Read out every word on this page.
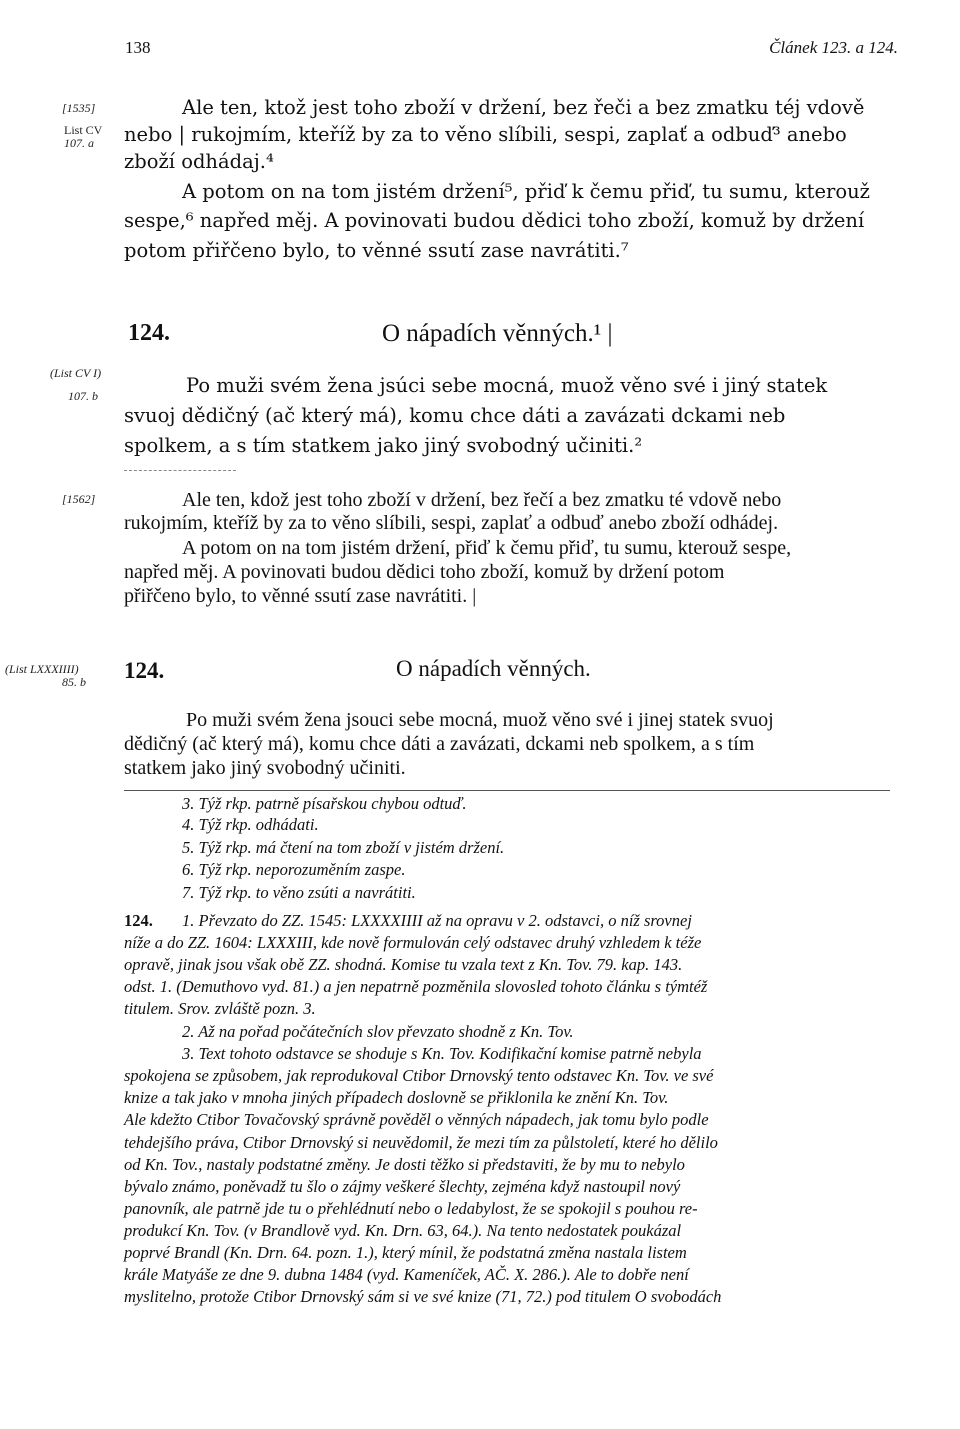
138	Článek 123. a 124.
[1535]
List CV
107. a
(List CV I)
107. b
[1562]
(List LXXXIIII)
85. b
Ale ten, ktož jest toho zboží v držení, bez řeči a bez zmatku téj vdově
nebo | rukojmím, kteříž by za to věno slíbili, sespi, zaplať a odbuď³ anebo
zboží odhádaj.⁴
A potom on na tom jistém držení⁵, přiď k čemu přiď, tu sumu, kterouž
sespe,⁶ napřed měj. A povinovati budou dědici toho zboží, komuž by držení
potom přiřčeno bylo, to věnné ssutí zase navrátiti.⁷
124.	O nápadích věnných.¹ |
Po muži svém žena jsúci sebe mocná, muož věno své i jiný statek
svuoj dědičný (ač který má), komu chce dáti a zavázati dckami neb
spolkem, a s tím statkem jako jiný svobodný učiniti.²
Ale ten, kdož jest toho zboží v držení, bez řečí a bez zmatku té vdově nebo
rukojmím, kteříž by za to věno slíbili, sespi, zaplať a odbuď anebo zboží odhádej.
A potom on na tom jistém držení, přiď k čemu přiď, tu sumu, kterouž sespe,
napřed měj. A povinovati budou dědici toho zboží, komuž by držení potom
přiřčeno bylo, to věnné ssutí zase navrátiti. |
124.	O nápadích věnných.
Po muži svém žena jsouci sebe mocná, muož věno své i jinej statek svuoj
dědičný (ač který má), komu chce dáti a zavázati, dckami neb spolkem, a s tím
statkem jako jiný svobodný učiniti.
3. Týž rkp. patrně písařskou chybou odtuď.
4. Týž rkp. odhádati.
5. Týž rkp. má čtení na tom zboží v jistém držení.
6. Týž rkp. neporozuměním zaspe.
7. Týž rkp. to věno zsúti a navrátiti.
124. 1. Převzato do ZZ. 1545: LXXXXIIII až na opravu v 2. odstavci, o níž srovnej
níže a do ZZ. 1604: LXXXIII, kde nově formulován celý odstavec druhý vzhledem k téže
opravě, jinak jsou však obě ZZ. shodná. Komise tu vzala text z Kn. Tov. 79. kap. 143.
odst. 1. (Demuthovo vyd. 81.) a jen nepatrně pozměnila slovosled tohoto článku s týmtéž
titulem. Srov. zvláště pozn. 3.
2. Až na pořad počátečních slov převzato shodně z Kn. Tov.
3. Text tohoto odstavce se shoduje s Kn. Tov. Kodifikační komise patrně nebyla
spokojena se způsobem, jak reprodukoval Ctibor Drnovský tento odstavec Kn. Tov. ve své
knize a tak jako v mnoha jiných případech doslovně se přiklonila ke znění Kn. Tov.
Ale kdežto Ctibor Tovačovský správně pověděl o věnných nápadech, jak tomu bylo podle
tehdejšího práva, Ctibor Drnovský si neuvědomil, že mezi tím za půlstoletí, které ho dělilo
od Kn. Tov., nastaly podstatné změny. Je dosti těžko si představiti, že by mu to nebylo
bývalo známo, poněvadž tu šlo o zájmy veškeré šlechty, zejména když nastoupil nový
panovník, ale patrně jde tu o přehlédnutí nebo o ledabylost, že se spokojil s pouhou re-
produkcí Kn. Tov. (v Brandlově vyd. Kn. Drn. 63, 64.). Na tento nedostatek poukázal
poprvé Brandl (Kn. Drn. 64. pozn. 1.), který mínil, že podstatná změna nastala listem
krále Matyáše ze dne 9. dubna 1484 (vyd. Kameníček, AČ. X. 286.). Ale to dobře není
myslitelno, protože Ctibor Drnovský sám si ve své knize (71, 72.) pod titulem O svobodách
